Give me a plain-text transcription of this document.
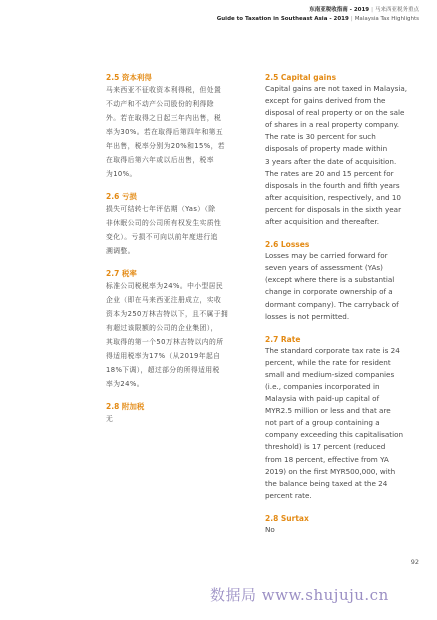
东南亚税收指南 - 2019 | 马来西亚税务重点
Guide to Taxation in Southeast Asia - 2019 | Malaysia Tax Highlights

2.5 资本利得

马来西亚不征收资本利得税，但处置

不动产和不动产公司股份的利得除

外。若在取得之日起三年内出售，税

率为30%。若在取得后第四年和第五

年出售，税率分别为20%和15%，若

在取得后第六年或以后出售，税率

为10%。

2.6 亏损

损失可结转七年评估期（Yas）（除

非休眠公司的公司所有权发生实质性

变化）。亏损不可向以前年度进行追

溯调整。

2.7 税率

标准公司税税率为24%。中小型居民

企业（即在马来西亚注册成立，实收

资本为250万林吉特以下，且不属于拥

有超过该限额的公司的企业集团），

其取得的第一个50万林吉特以内的所

得适用税率为17%（从2019年起自

18%下调），超过部分的所得适用税

率为24%。

2.8 附加税

无

2.5 Capital gains

Capital gains are not taxed in Malaysia,

except for gains derived from the

disposal of real property or on the sale

of shares in a real property company.

The rate is 30 percent for such

disposals of property made within

3 years after the date of acquisition.

The rates are 20 and 15 percent for

disposals in the fourth and fifth years

after acquisition, respectively, and 10

percent for disposals in the sixth year

after acquisition and thereafter.

2.6 Losses

Losses may be carried forward for

seven years of assessment (YAs)

(except where there is a substantial

change in corporate ownership of a

dormant company). The carryback of

losses is not permitted.

2.7 Rate

The standard corporate tax rate is 24

percent, while the rate for resident

small and medium-sized companies

(i.e., companies incorporated in

Malaysia with paid-up capital of

MYR2.5 million or less and that are

not part of a group containing a

company exceeding this capitalisation

threshold) is 17 percent (reduced

from 18 percent, effective from YA

2019) on the first MYR500,000, with

the balance being taxed at the 24

percent rate.

2.8 Surtax

No

92
数据局 www.shujuju.cn
